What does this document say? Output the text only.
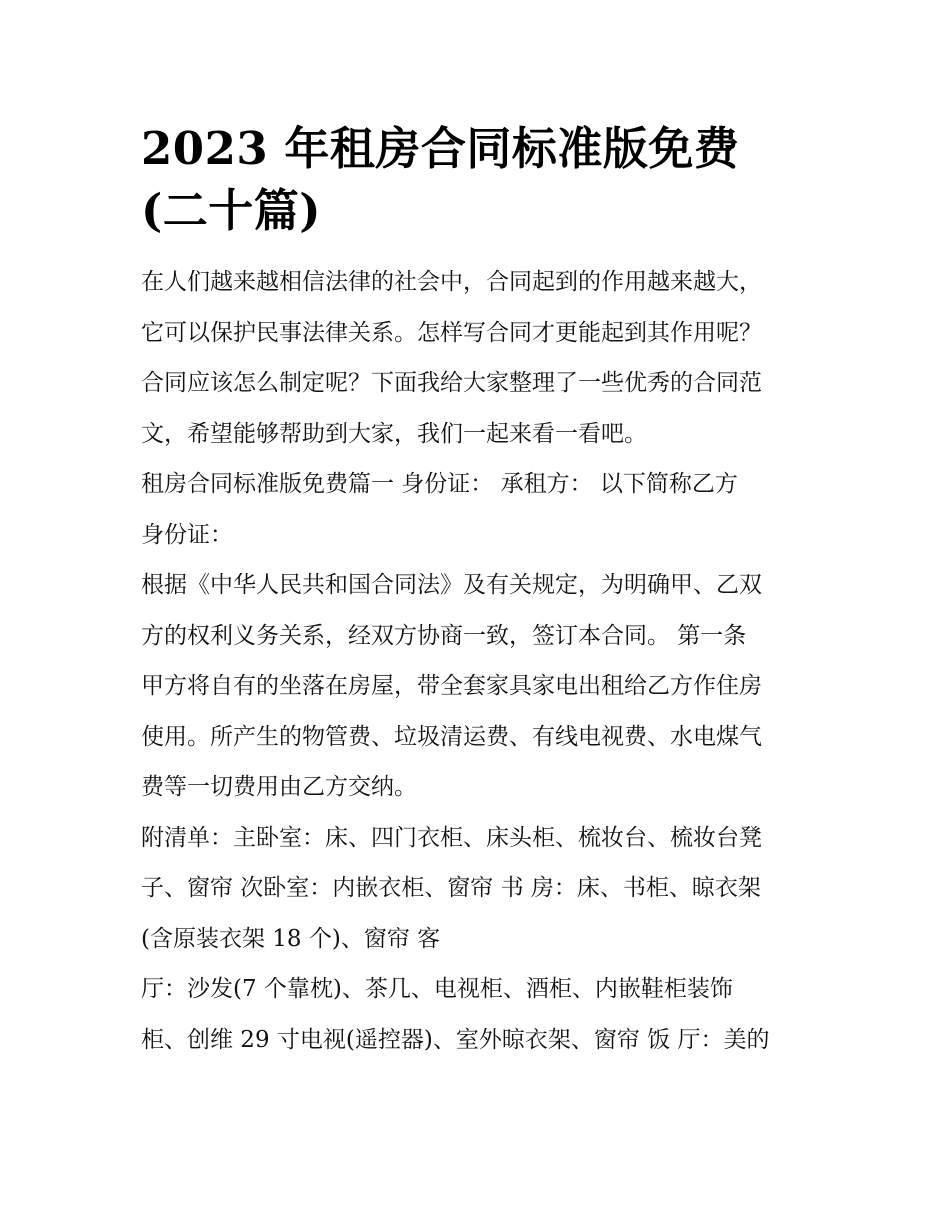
2023 年租房合同标准版免费
(二十篇)

在人们越来越相信法律的社会中，合同起到的作用越来越大，
它可以保护民事法律关系。怎样写合同才更能起到其作用呢？
合同应该怎么制定呢？下面我给大家整理了一些优秀的合同范
文，希望能够帮助到大家，我们一起来看一看吧。

租房合同标准版免费篇一 身份证： 承租方： 以下简称乙方
身份证：

根据《中华人民共和国合同法》及有关规定，为明确甲、乙双
方的权利义务关系，经双方协商一致，签订本合同。 第一条
甲方将自有的坐落在房屋，带全套家具家电出租给乙方作住房
使用。所产生的物管费、垃圾清运费、有线电视费、水电煤气
费等一切费用由乙方交纳。

附清单：主卧室：床、四门衣柜、床头柜、梳妆台、梳妆台凳
子、窗帘 次卧室：内嵌衣柜、窗帘 书 房：床、书柜、晾衣架
(含原装衣架 18 个)、窗帘 客

厅：沙发(7 个靠枕)、茶几、电视柜、酒柜、内嵌鞋柜装饰
柜、创维 29 寸电视(遥控器)、室外晾衣架、窗帘 饭 厅：美的
